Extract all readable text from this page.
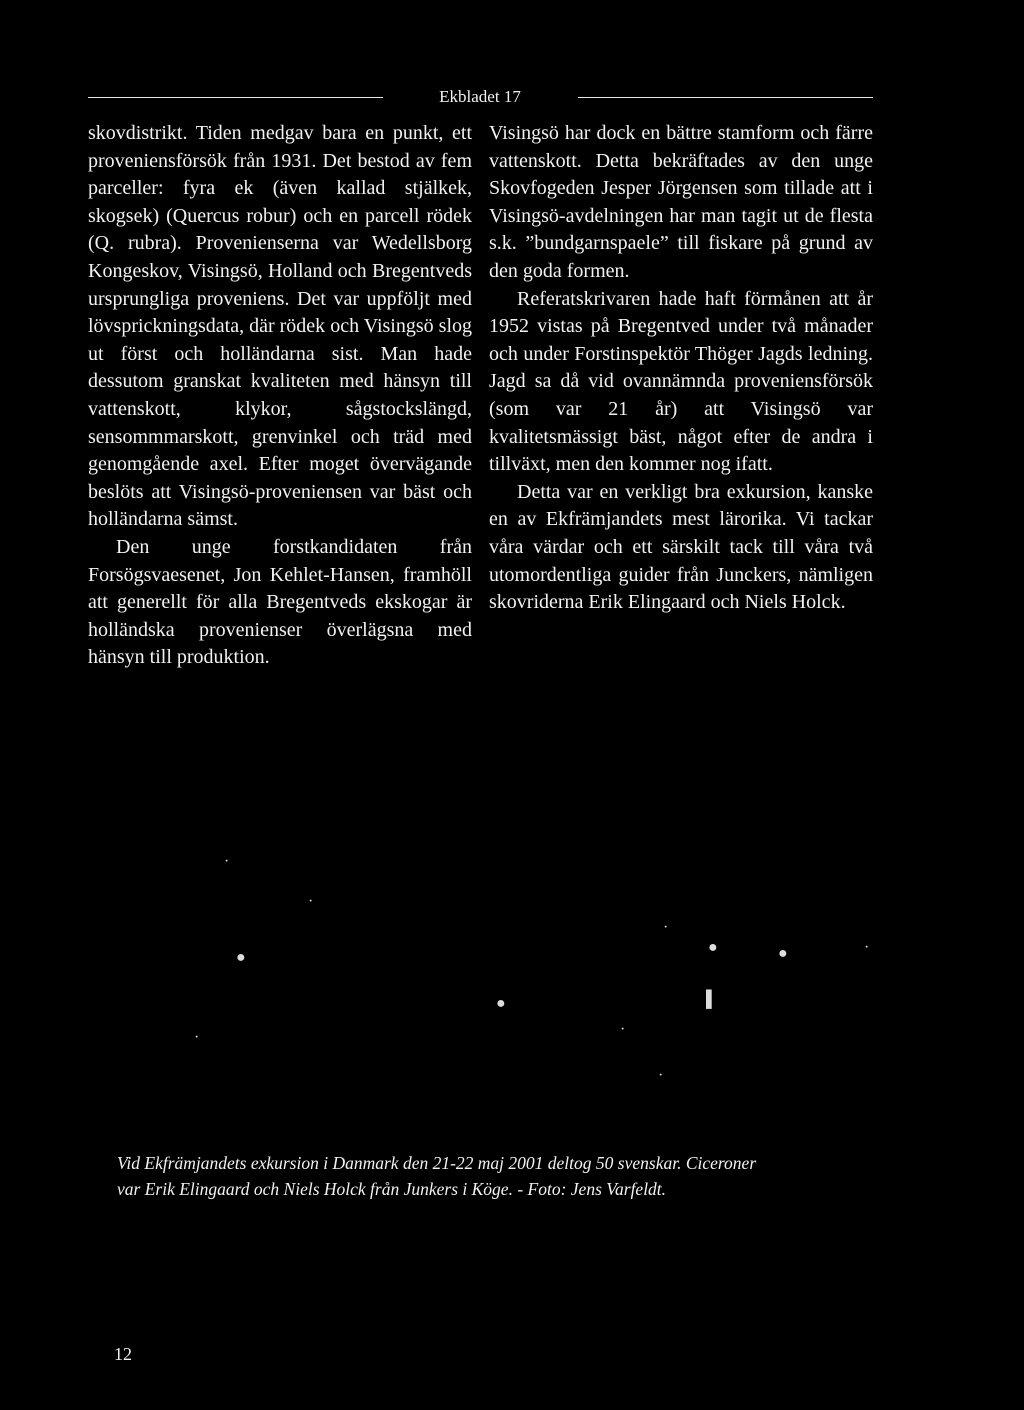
Ekbladet 17

skovdistrikt. Tiden medgav bara en punkt, ett proveniensförsök från 1931. Det bestod av fem parceller: fyra ek (även kallad stjälkek, skogsek) (Quercus robur) och en parcell rödek (Q. rubra). Provenienserna var Wedellsborg Kongeskov, Visingsö, Holland och Bregentveds ursprungliga proveniens. Det var uppföljt med lövsprickningsdata, där rödek och Visingsö slog ut först och holländarna sist. Man hade dessutom granskat kvaliteten med hänsyn till vattenskott, klykor, sågstockslängd, sensommmarskott, grenvinkel och träd med genomgående axel. Efter moget övervägande beslöts att Visingsö-proveniensen var bäst och holländarna sämst.

Den unge forstkandidaten från Forsögsvaesenet, Jon Kehlet-Hansen, framhöll att generellt för alla Bregentveds ekskogar är holländska provenienser överlägsna med hänsyn till produktion.

Visingsö har dock en bättre stamform och färre vattenskott. Detta bekräftades av den unge Skovfogeden Jesper Jörgensen som tillade att i Visingsö-avdelningen har man tagit ut de flesta s.k. ”bundgarnspaele” till fiskare på grund av den goda formen.

Referatskrivaren hade haft förmånen att år 1952 vistas på Bregentved under två månader och under Forstinspektör Thöger Jagds ledning. Jagd sa då vid ovannämnda proveniensförsök (som var 21 år) att Visingsö var kvalitetsmässigt bäst, något efter de andra i tillväxt, men den kommer nog ifatt.

Detta var en verkligt bra exkursion, kanske en av Ekfrämjandets mest lärorika. Vi tackar våra värdar och ett särskilt tack till våra två utomordentliga guider från Junckers, nämligen skovriderna Erik Elingaard och Niels Holck.

·
·
●
·
●
●	●
▌
·
·
·
·

Vid Ekfrämjandets exkursion i Danmark den 21-22 maj 2001 deltog 50 svenskar. Ciceroner

var Erik Elingaard och Niels Holck från Junkers i Köge. - Foto: Jens Varfeldt.

12
